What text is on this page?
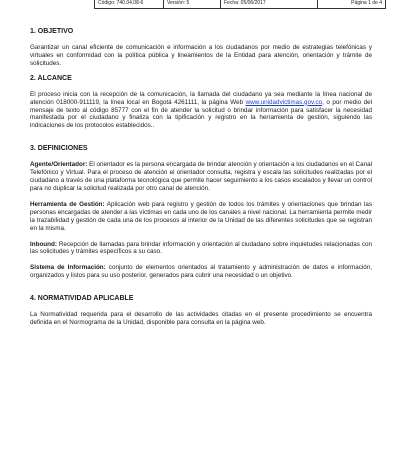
Código: 740.04.08-6	Versión: 5	Fecha: 05/06/2017	Página 1 de 4

1. OBJETIVO

Garantizar un canal eficiente de comunicación e información a los ciudadanos por medio de estrategias telefónicas y virtuales en conformidad con la política pública y lineamientos de la Entidad para atención, orientación y trámite de solicitudes.

2. ALCANCE

El proceso inicia con la recepción de la comunicación, la llamada del ciudadano ya sea mediante la línea nacional de atención 018000-911119, la línea local en Bogotá 4261111, la página Web www.unidadvictimas.gov.co, o por medio del mensaje de texto al código 85777 con el fin de atender la solicitud o brindar información para satisfacer la necesidad manifestada por el ciudadano y finaliza con la tipificación y registro en la herramienta de gestión, siguiendo las indicaciones de los protocolos establecidos..

3. DEFINICIONES

Agente/Orientador: El orientador es la persona encargada de brindar atención y orientación a los ciudadanos en el Canal Telefónico y Virtual. Para el proceso de atención el orientador consulta, registra y escala las solicitudes realizadas por el ciudadano a través de una plataforma tecnológica que permite hacer seguimiento a los casos escalados y llevar un control para no duplicar la solicitud realizada por otro canal de atención.

Herramienta de Gestión: Aplicación web para registro y gestión de todos los trámites y orientaciones que brindan las personas encargadas de atender a las víctimas en cada uno de los canales a nivel nacional. La herramienta permite medir la trazabilidad y gestión de cada una de los procesos al interior de la Unidad de las diferentes solicitudes que se registran en la misma.

Inbound: Recepción de llamadas para brindar información y orientación al ciudadano sobre inquietudes relacionadas con las solicitudes y trámites específicos a su caso.

Sistema de Información: conjunto de elementos orientados al tratamiento y administración de datos e información, organizados y listos para su uso posterior, generados para cubrir una necesidad o un objetivo.

4. NORMATIVIDAD APLICABLE

La Normatividad requerida para el desarrollo de las actividades citadas en el presente procedimiento se encuentra definida en el Normograma de la Unidad, disponible para consulta en la página web.
